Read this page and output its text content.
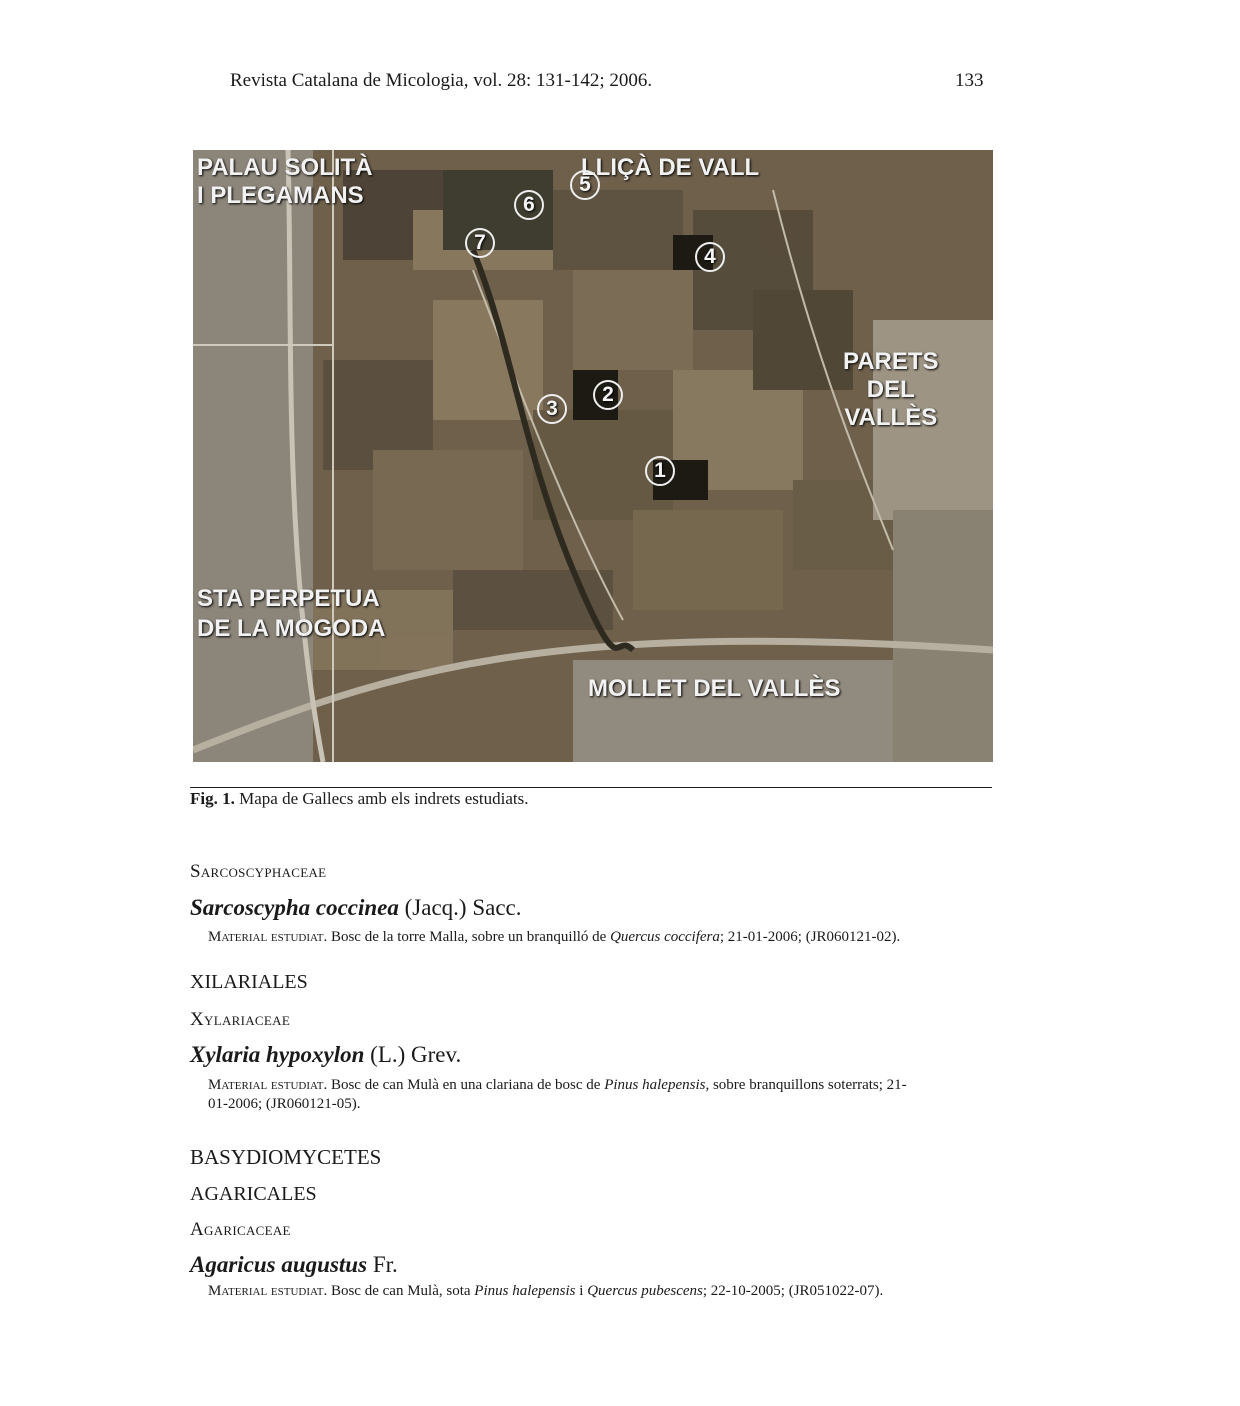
Revista Catalana de Micologia, vol. 28: 131-142; 2006.	133
PALAU SOLITÀ
I PLEGAMANS
LLIÇÀ DE VALL
PARETS
DEL
VALLÈS
STA PERPETUA
DE LA MOGODA
MOLLET DEL VALLÈS
1
2
3
4
5
6
7
Fig. 1. Mapa de Gallecs amb els indrets estudiats.
Sarcoscyphaceae
Sarcoscypha coccinea (Jacq.) Sacc.
Material estudiat. Bosc de la torre Malla, sobre un branquilló de Quercus coccifera; 21-01-2006; (JR060121-02).
XILARIALES
Xylariaceae
Xylaria hypoxylon (L.) Grev.
Material estudiat. Bosc de can Mulà en una clariana de bosc de Pinus halepensis, sobre branquillons soterrats; 21-
01-2006; (JR060121-05).
BASYDIOMYCETES
AGARICALES
Agaricaceae
Agaricus augustus Fr.
Material estudiat. Bosc de can Mulà, sota Pinus halepensis i Quercus pubescens; 22-10-2005; (JR051022-07).
